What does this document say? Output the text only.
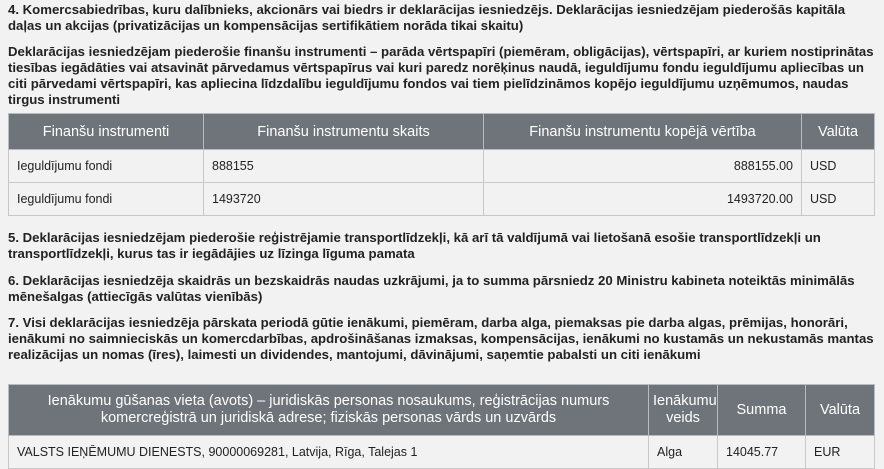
4. Komercsabiedrības, kuru dalībnieks, akcionārs vai biedrs ir deklarācijas iesniedzējs. Deklarācijas iesniedzējam piederošās kapitāla daļas un akcijas (privatizācijas un kompensācijas sertifikātiem norāda tikai skaitu)

Deklarācijas iesniedzējam piederošie finanšu instrumenti – parāda vērtspapīri (piemēram, obligācijas), vērtspapīri, ar kuriem nostiprinātas tiesības iegādāties vai atsavināt pārvedamus vērtspapīrus vai kuri paredz norēķinus naudā, ieguldījumu fondu ieguldījumu apliecības un citi pārvedami vērtspapīri, kas apliecina līdzdalību ieguldījumu fondos vai tiem pielīdzināmos kopējo ieguldījumu uzņēmumos, naudas tirgus instrumenti

Finanšu instrumenti	Finanšu instrumentu skaits	Finanšu instrumentu kopējā vērtība	Valūta
Ieguldījumu fondi	888155	888155.00	USD
Ieguldījumu fondi	1493720	1493720.00	USD

5. Deklarācijas iesniedzējam piederošie reģistrējamie transportlīdzekļi, kā arī tā valdījumā vai lietošanā esošie transportlīdzekļi un transportlīdzekļi, kurus tas ir iegādājies uz līzinga līguma pamata

6. Deklarācijas iesniedzēja skaidrās un bezskaidrās naudas uzkrājumi, ja to summa pārsniedz 20 Ministru kabineta noteiktās minimālās mēnešalgas (attiecīgās valūtas vienībās)

7. Visi deklarācijas iesniedzēja pārskata periodā gūtie ienākumi, piemēram, darba alga, piemaksas pie darba algas, prēmijas, honorāri, ienākumi no saimnieciskās un komercdarbības, apdrošināšanas izmaksas, kompensācijas, ienākumi no kustamās un nekustamās mantas realizācijas un nomas (īres), laimesti un dividendes, mantojumi, dāvinājumi, saņemtie pabalsti un citi ienākumi

Ienākumu gūšanas vieta (avots) – juridiskās personas nosaukums, reģistrācijas numurs komercreģistrā un juridiskā adrese; fiziskās personas vārds un uzvārds	Ienākumu veids	Summa	Valūta
VALSTS IEŅĒMUMU DIENESTS, 90000069281, Latvija, Rīga, Talejas 1	Alga	14045.77	EUR
